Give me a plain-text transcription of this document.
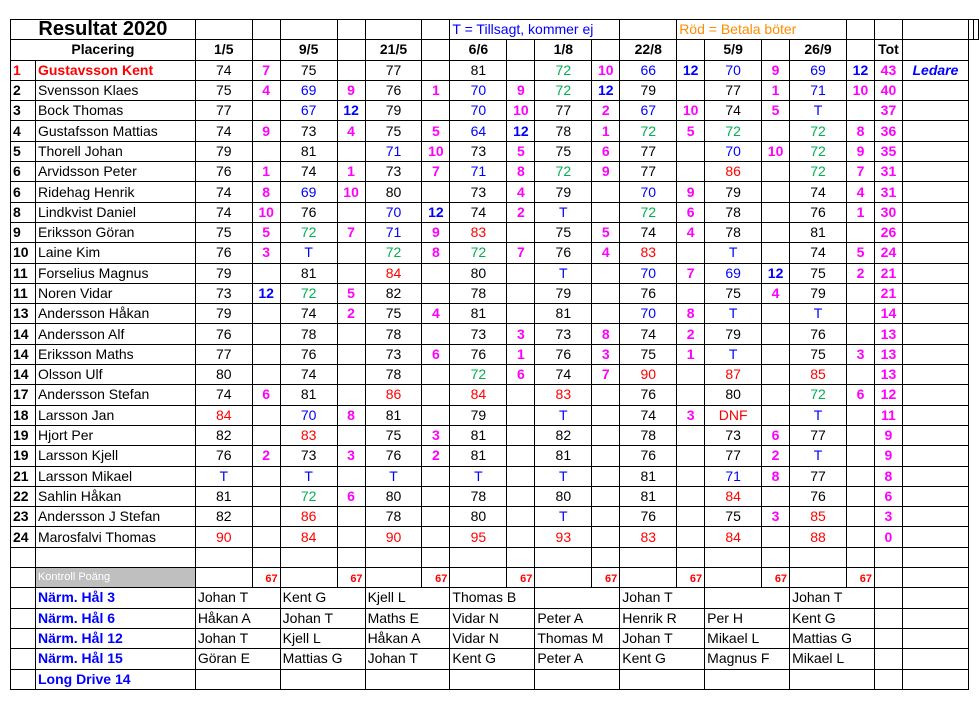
Resultat 2020								T = Tillsagt, kommer ej					Röd = Betala böter								
Placering		1/5		9/5		21/5		6/6		1/8		22/8		5/9		26/9		Tot			
1	Gustavsson Kent	74	7	75		77		81		72	10	66	12	70	9	69	12	43	Ledare		
2	Svensson Klaes	75	4	69	9	76	1	70	9	72	12	79		77	1	71	10	40			
3	Bock Thomas	77		67	12	79		70	10	77	2	67	10	74	5	T		37			
4	Gustafsson Mattias	74	9	73	4	75	5	64	12	78	1	72	5	72		72	8	36			
5	Thorell Johan	79		81		71	10	73	5	75	6	77		70	10	72	9	35			
6	Arvidsson Peter	76	1	74	1	73	7	71	8	72	9	77		86		72	7	31			
6	Ridehag Henrik	74	8	69	10	80		73	4	79		70	9	79		74	4	31			
8	Lindkvist Daniel	74	10	76		70	12	74	2	T		72	6	78		76	1	30			
9	Eriksson Göran	75	5	72	7	71	9	83		75	5	74	4	78		81		26			
10	Laine Kim	76	3	T		72	8	72	7	76	4	83		T		74	5	24			
11	Forselius Magnus	79		81		84		80		T		70	7	69	12	75	2	21			
11	Noren Vidar	73	12	72	5	82		78		79		76		75	4	79		21			
13	Andersson Håkan	79		74	2	75	4	81		81		70	8	T		T		14			
14	Andersson Alf	76		78		78		73	3	73	8	74	2	79		76		13			
14	Eriksson Maths	77		76		73	6	76	1	76	3	75	1	T		75	3	13			
14	Olsson Ulf	80		74		78		72	6	74	7	90		87		85		13			
17	Andersson Stefan	74	6	81		86		84		83		76		80		72	6	12			
18	Larsson Jan	84		70	8	81		79		T		74	3	DNF		T		11			
19	Hjort Per	82		83		75	3	81		82		78		73	6	77		9			
19	Larsson Kjell	76	2	73	3	76	2	81		81		76		77	2	T		9			
21	Larsson Mikael	T		T		T		T		T		81		71	8	77		8			
22	Sahlin Håkan	81		72	6	80		78		80		81		84		76		6			
23	Andersson J Stefan	82		86		78		80		T		76		75	3	85		3			
24	Marosfalvi Thomas	90		84		90		95		93		83		84		88		0			

	Kontroll Poäng		67		67		67		67		67		67		67		67				
	Närm. Hål 3	Johan T		Kent G		Kjell L		Thomas B				Johan T				Johan T					
	Närm. Hål 6	Håkan A		Johan T		Maths E		Vidar N		Peter A		Henrik R		Per H		Kent G					
	Närm. Hål 12	Johan T		Kjell L		Håkan A		Vidar N		Thomas M		Johan T		Mikael L		Mattias G					
	Närm. Hål 15	Göran E		Mattias G		Johan T		Kent G		Peter A		Kent G		Magnus F		Mikael L					
	Long Drive 14																				
